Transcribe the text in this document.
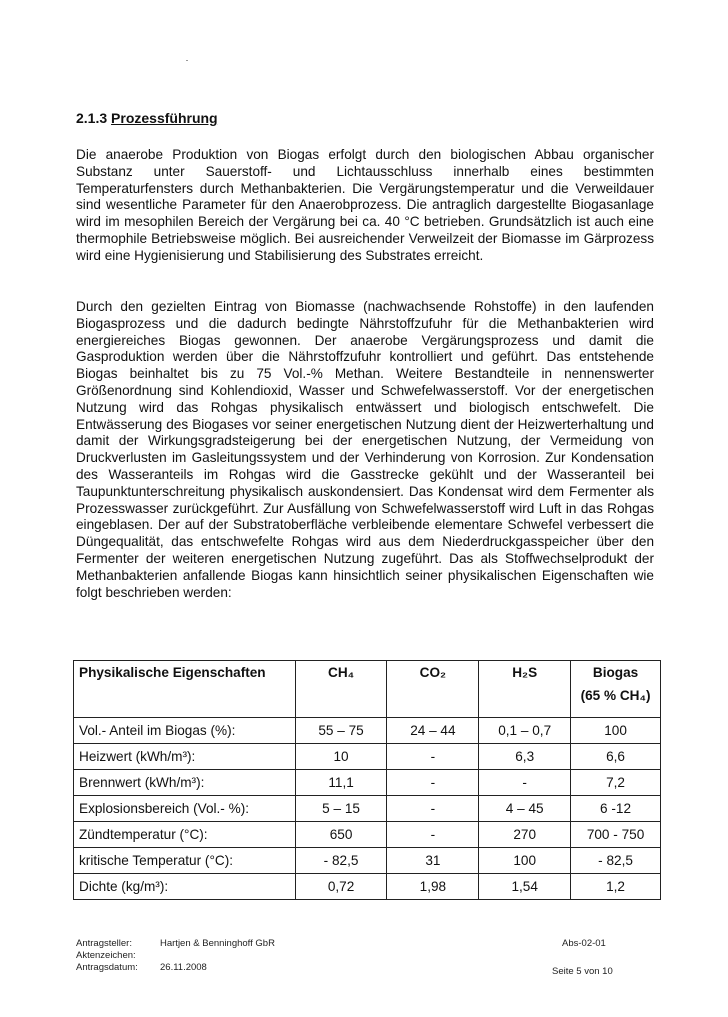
2.1.3 Prozessführung

Die anaerobe Produktion von Biogas erfolgt durch den biologischen Abbau organischer Substanz unter Sauerstoff- und Lichtausschluss innerhalb eines bestimmten Temperaturfensters durch Methanbakterien. Die Vergärungstemperatur und die Verweildauer sind wesentliche Parameter für den Anaerobprozess. Die antraglich dargestellte Biogasanlage wird im mesophilen Bereich der Vergärung bei ca. 40 °C betrieben. Grundsätzlich ist auch eine thermophile Betriebsweise möglich. Bei ausreichender Verweilzeit der Biomasse im Gärprozess wird eine Hygienisierung und Stabilisierung des Substrates erreicht.

Durch den gezielten Eintrag von Biomasse (nachwachsende Rohstoffe) in den laufenden Biogasprozess und die dadurch bedingte Nährstoffzufuhr für die Methanbakterien wird energiereiches Biogas gewonnen. Der anaerobe Vergärungsprozess und damit die Gasproduktion werden über die Nährstoffzufuhr kontrolliert und geführt. Das entstehende Biogas beinhaltet bis zu 75 Vol.-% Methan. Weitere Bestandteile in nennenswerter Größenordnung sind Kohlendioxid, Wasser und Schwefelwasserstoff. Vor der energetischen Nutzung wird das Rohgas physikalisch entwässert und biologisch entschwefelt. Die Entwässerung des Biogases vor seiner energetischen Nutzung dient der Heizwerterhaltung und damit der Wirkungsgradsteigerung bei der energetischen Nutzung, der Vermeidung von Druckverlusten im Gasleitungssystem und der Verhinderung von Korrosion. Zur Kondensation des Wasseranteils im Rohgas wird die Gasstrecke gekühlt und der Wasseranteil bei Taupunktunterschreitung physikalisch auskondensiert. Das Kondensat wird dem Fermenter als Prozesswasser zurückgeführt. Zur Ausfällung von Schwefelwasserstoff wird Luft in das Rohgas eingeblasen. Der auf der Substratoberfläche verbleibende elementare Schwefel verbessert die Düngequalität, das entschwefelte Rohgas wird aus dem Niederdruckgasspeicher über den Fermenter der weiteren energetischen Nutzung zugeführt. Das als Stoffwechselprodukt der Methanbakterien anfallende Biogas kann hinsichtlich seiner physikalischen Eigenschaften wie folgt beschrieben werden:

Physikalische Eigenschaften	CH₄	CO₂	H₂S	Biogas
(65 % CH₄)

Vol.- Anteil im Biogas (%):	55 – 75	24 – 44	0,1 – 0,7	100
Heizwert (kWh/m³):	10	-	6,3	6,6
Brennwert (kWh/m³):	11,1	-	-	7,2
Explosionsbereich (Vol.- %):	5 – 15	-	4 – 45	6 -12
Zündtemperatur (°C):	650	-	270	700 - 750
kritische Temperatur (°C):	- 82,5	31	100	- 82,5
Dichte (kg/m³):	0,72	1,98	1,54	1,2
Antragsteller:	Hartjen & Benninghoff GbR
Aktenzeichen:
Antragsdatum: 26.11.2008
Abs-02-01
Seite 5 von 10
